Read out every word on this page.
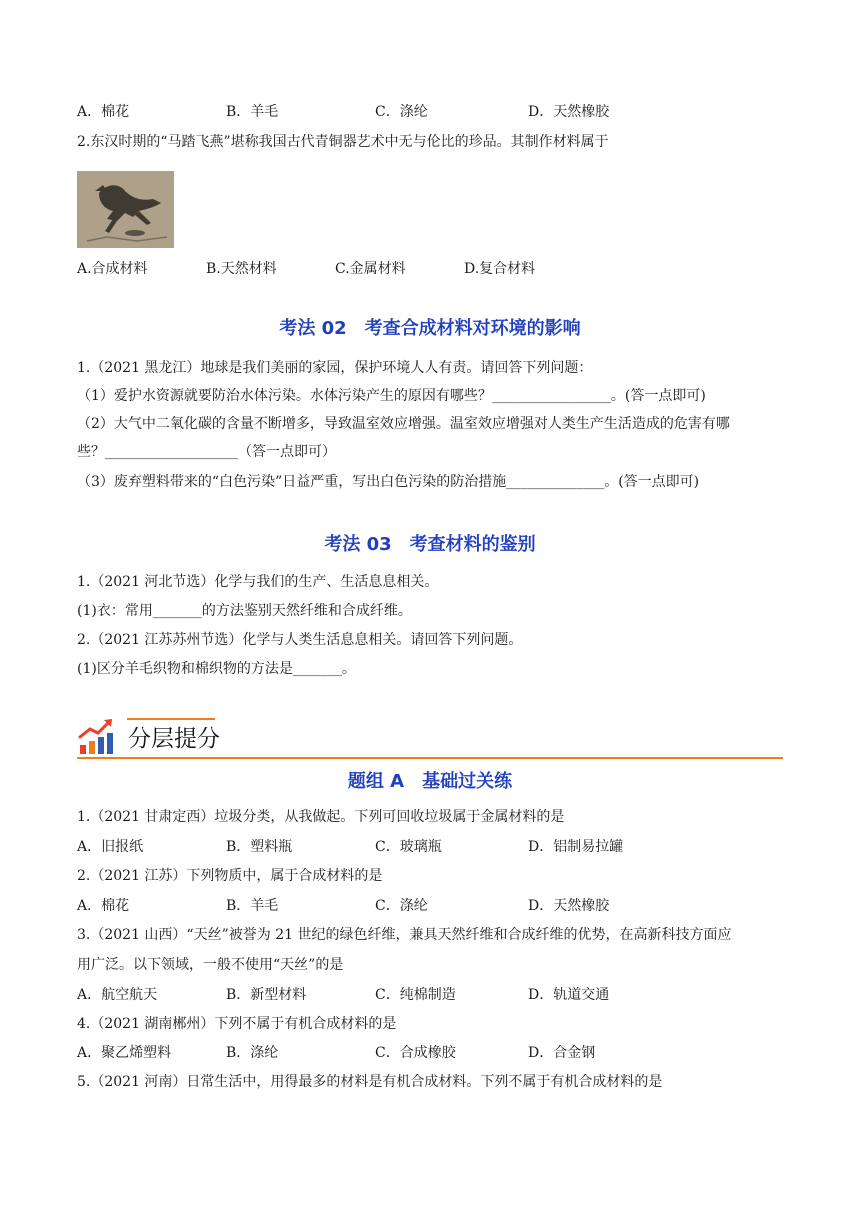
A．棉花	B．羊毛	C．涤纶	D．天然橡胶
2.东汉时期的“马踏飞燕”堪称我国古代青铜器艺术中无与伦比的珍品。其制作材料属于
A.合成材料	B.天然材料	C.金属材料	D.复合材料
考法 02　考查合成材料对环境的影响
1.（2021 黑龙江）地球是我们美丽的家园，保护环境人人有责。请回答下列问题：
（1）爱护水资源就要防治水体污染。水体污染产生的原因有哪些？_________________。(答一点即可)
（2）大气中二氧化碳的含量不断增多，导致温室效应增强。温室效应增强对人类生产生活造成的危害有哪
些？___________________（答一点即可）
（3）废弃塑料带来的“白色污染”日益严重，写出白色污染的防治措施______________。(答一点即可)
考法 03　考查材料的鉴别
1.（2021 河北节选）化学与我们的生产、生活息息相关。
(1)衣：常用_______的方法鉴别天然纤维和合成纤维。
2.（2021 江苏苏州节选）化学与人类生活息息相关。请回答下列问题。
(1)区分羊毛织物和棉织物的方法是_______。
分层提分
题组 A　基础过关练
1.（2021 甘肃定西）垃圾分类，从我做起。下列可回收垃圾属于金属材料的是
A．旧报纸	B．塑料瓶	C．玻璃瓶	D．铝制易拉罐
2.（2021 江苏）下列物质中，属于合成材料的是
A．棉花	B．羊毛	C．涤纶	D．天然橡胶
3.（2021 山西）“天丝”被誉为 21 世纪的绿色纤维，兼具天然纤维和合成纤维的优势，在高新科技方面应
用广泛。以下领域，一般不使用“天丝”的是
A．航空航天	B．新型材料	C．纯棉制造	D．轨道交通
4.（2021 湖南郴州）下列不属于有机合成材料的是
A．聚乙烯塑料	B．涤纶	C．合成橡胶	D．合金钢
5.（2021 河南）日常生活中，用得最多的材料是有机合成材料。下列不属于有机合成材料的是
